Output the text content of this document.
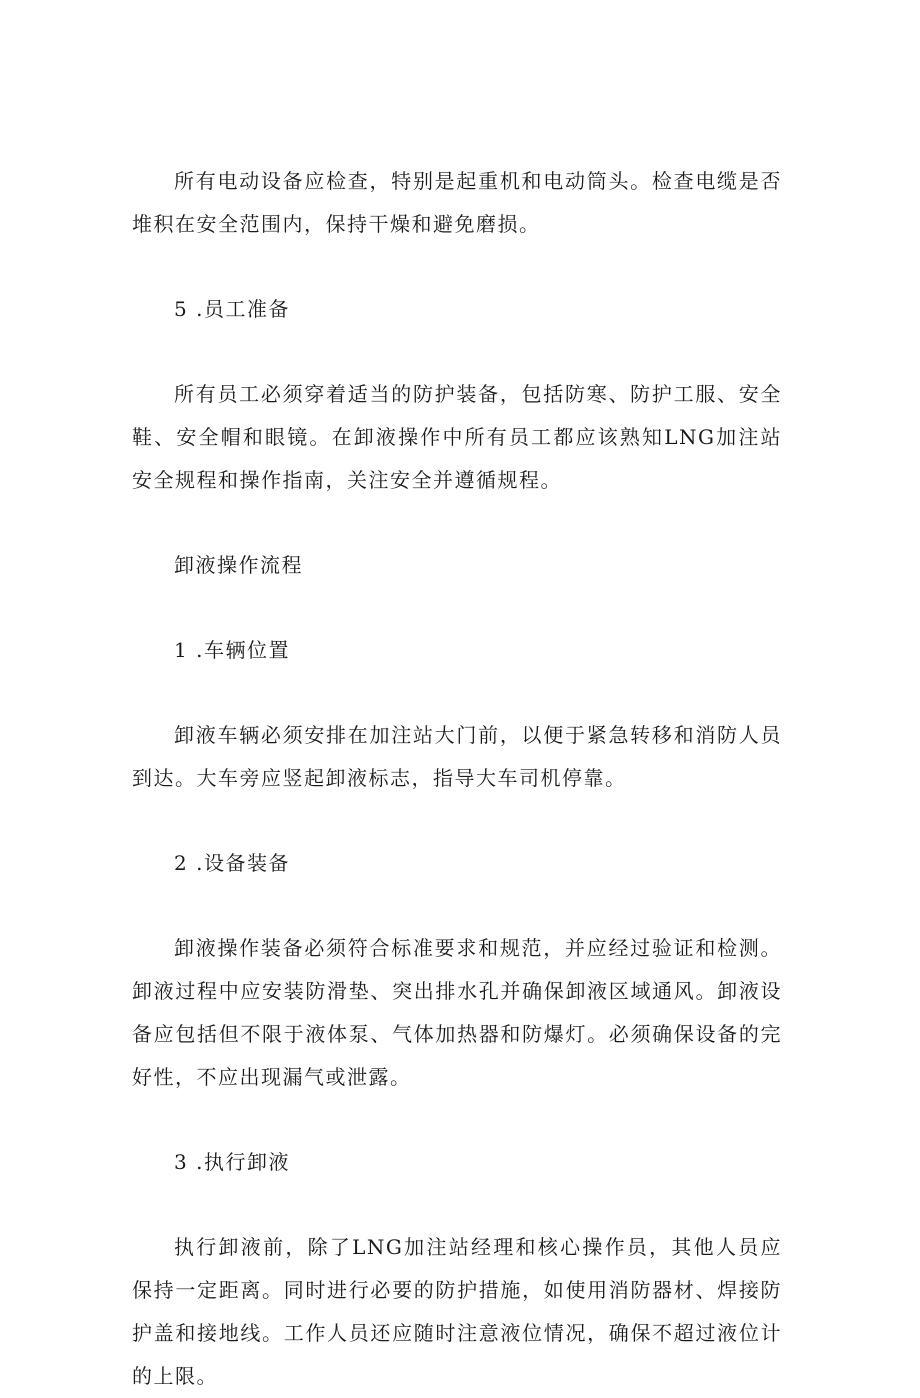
所有电动设备应检查，特别是起重机和电动筒头。检查电缆是否堆积在安全范围内，保持干燥和避免磨损。

5 .员工准备

所有员工必须穿着适当的防护装备，包括防寒、防护工服、安全鞋、安全帽和眼镜。在卸液操作中所有员工都应该熟知LNG加注站安全规程和操作指南，关注安全并遵循规程。

卸液操作流程

1 .车辆位置

卸液车辆必须安排在加注站大门前，以便于紧急转移和消防人员到达。大车旁应竖起卸液标志，指导大车司机停靠。

2 .设备装备

卸液操作装备必须符合标准要求和规范，并应经过验证和检测。卸液过程中应安装防滑垫、突出排水孔并确保卸液区域通风。卸液设备应包括但不限于液体泵、气体加热器和防爆灯。必须确保设备的完好性，不应出现漏气或泄露。

3 .执行卸液

执行卸液前，除了LNG加注站经理和核心操作员，其他人员应保持一定距离。同时进行必要的防护措施，如使用消防器材、焊接防护盖和接地线。工作人员还应随时注意液位情况，确保不超过液位计的上限。
